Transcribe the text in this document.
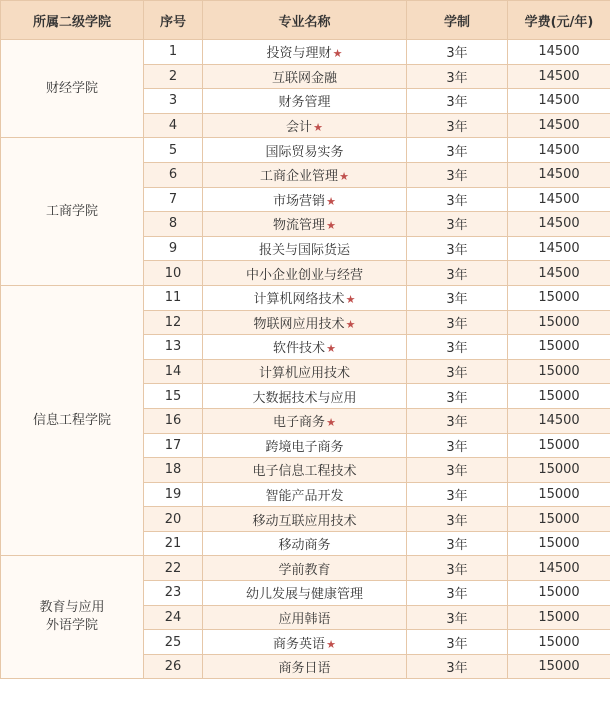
所属二级学院	序号	专业名称	学制	学费(元/年)
财经学院	1	投资与理财★	3年	14500
	2	互联网金融	3年	14500
	3	财务管理	3年	14500
	4	会计★	3年	14500
工商学院	5	国际贸易实务	3年	14500
	6	工商企业管理★	3年	14500
	7	市场营销★	3年	14500
	8	物流管理★	3年	14500
	9	报关与国际货运	3年	14500
	10	中小企业创业与经营	3年	14500
信息工程学院	11	计算机网络技术★	3年	15000
	12	物联网应用技术★	3年	15000
	13	软件技术★	3年	15000
	14	计算机应用技术	3年	15000
	15	大数据技术与应用	3年	15000
	16	电子商务★	3年	14500
	17	跨境电子商务	3年	15000
	18	电子信息工程技术	3年	15000
	19	智能产品开发	3年	15000
	20	移动互联应用技术	3年	15000
	21	移动商务	3年	15000
教育与应用
外语学院	22	学前教育	3年	14500
	23	幼儿发展与健康管理	3年	15000
	24	应用韩语	3年	15000
	25	商务英语★	3年	15000
	26	商务日语	3年	15000
